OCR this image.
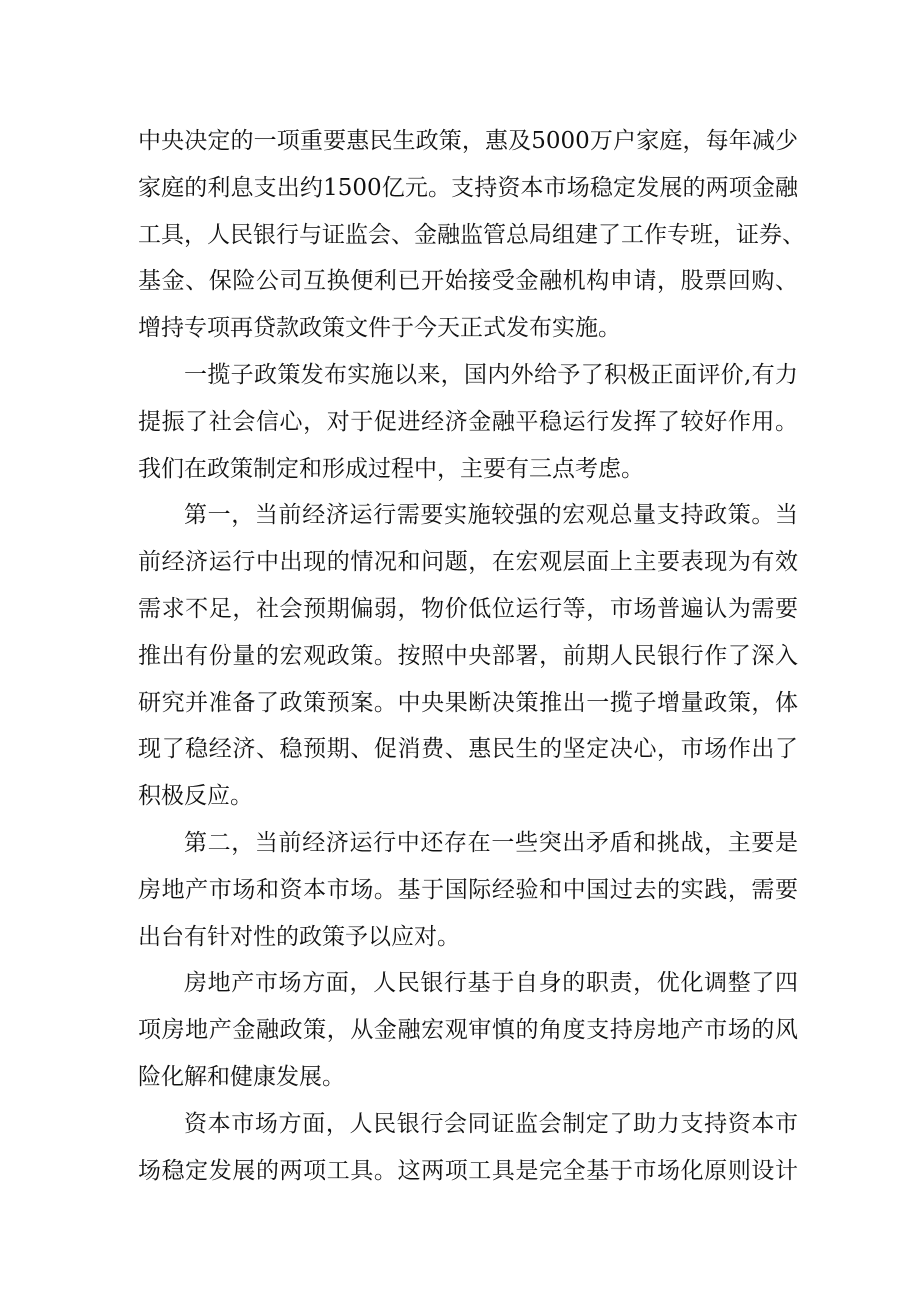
中央决定的一项重要惠民生政策，惠及5000万户家庭，每年减少
家庭的利息支出约1500亿元。支持资本市场稳定发展的两项金融
工具，人民银行与证监会、金融监管总局组建了工作专班，证券、
基金、保险公司互换便利已开始接受金融机构申请，股票回购、
增持专项再贷款政策文件于今天正式发布实施。
一揽子政策发布实施以来，国内外给予了积极正面评价,有力
提振了社会信心，对于促进经济金融平稳运行发挥了较好作用。
我们在政策制定和形成过程中，主要有三点考虑。
第一，当前经济运行需要实施较强的宏观总量支持政策。当
前经济运行中出现的情况和问题，在宏观层面上主要表现为有效
需求不足，社会预期偏弱，物价低位运行等，市场普遍认为需要
推出有份量的宏观政策。按照中央部署，前期人民银行作了深入
研究并准备了政策预案。中央果断决策推出一揽子增量政策，体
现了稳经济、稳预期、促消费、惠民生的坚定决心，市场作出了
积极反应。
第二，当前经济运行中还存在一些突出矛盾和挑战，主要是
房地产市场和资本市场。基于国际经验和中国过去的实践，需要
出台有针对性的政策予以应对。
房地产市场方面，人民银行基于自身的职责，优化调整了四
项房地产金融政策，从金融宏观审慎的角度支持房地产市场的风
险化解和健康发展。
资本市场方面，人民银行会同证监会制定了助力支持资本市
场稳定发展的两项工具。这两项工具是完全基于市场化原则设计
